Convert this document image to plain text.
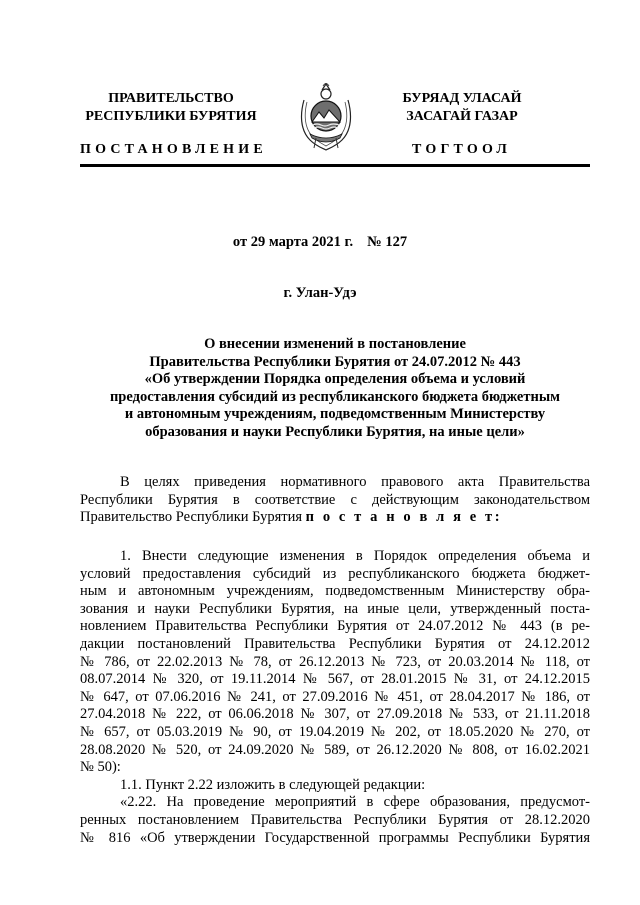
ПРАВИТЕЛЬСТВО
РЕСПУБЛИКИ БУРЯТИЯ
БУРЯАД УЛАСАЙ
ЗАСАГАЙ ГАЗАР
ПОСТАНОВЛЕНИЕ	ТОГТООЛ
от 29 марта 2021 г. № 127
г. Улан-Удэ
О внесении изменений в постановление
Правительства Республики Бурятия от 24.07.2012 № 443
«Об утверждении Порядка определения объема и условий
предоставления субсидий из республиканского бюджета бюджетным
и автономным учреждениям, подведомственным Министерству
образования и науки Республики Бурятия, на иные цели»
В целях приведения нормативного правового акта Правительства
Республики Бурятия в соответствие с действующим законодательством
Правительство Республики Бурятия п о с т а н о в л я е т:
1. Внести следующие изменения в Порядок определения объема и
условий предоставления субсидий из республиканского бюджета бюджет-
ным и автономным учреждениям, подведомственным Министерству обра-
зования и науки Республики Бурятия, на иные цели, утвержденный поста-
новлением Правительства Республики Бурятия от 24.07.2012 № 443 (в ре-
дакции постановлений Правительства Республики Бурятия от 24.12.2012
№ 786, от 22.02.2013 № 78, от 26.12.2013 № 723, от 20.03.2014 № 118, от
08.07.2014 № 320, от 19.11.2014 № 567, от 28.01.2015 № 31, от 24.12.2015
№ 647, от 07.06.2016 № 241, от 27.09.2016 № 451, от 28.04.2017 № 186, от
27.04.2018 № 222, от 06.06.2018 № 307, от 27.09.2018 № 533, от 21.11.2018
№ 657, от 05.03.2019 № 90, от 19.04.2019 № 202, от 18.05.2020 № 270, от
28.08.2020 № 520, от 24.09.2020 № 589, от 26.12.2020 № 808, от 16.02.2021
№ 50):
1.1. Пункт 2.22 изложить в следующей редакции:
«2.22. На проведение мероприятий в сфере образования, предусмот-
ренных постановлением Правительства Республики Бурятия от 28.12.2020
№ 816 «Об утверждении Государственной программы Республики Бурятия
